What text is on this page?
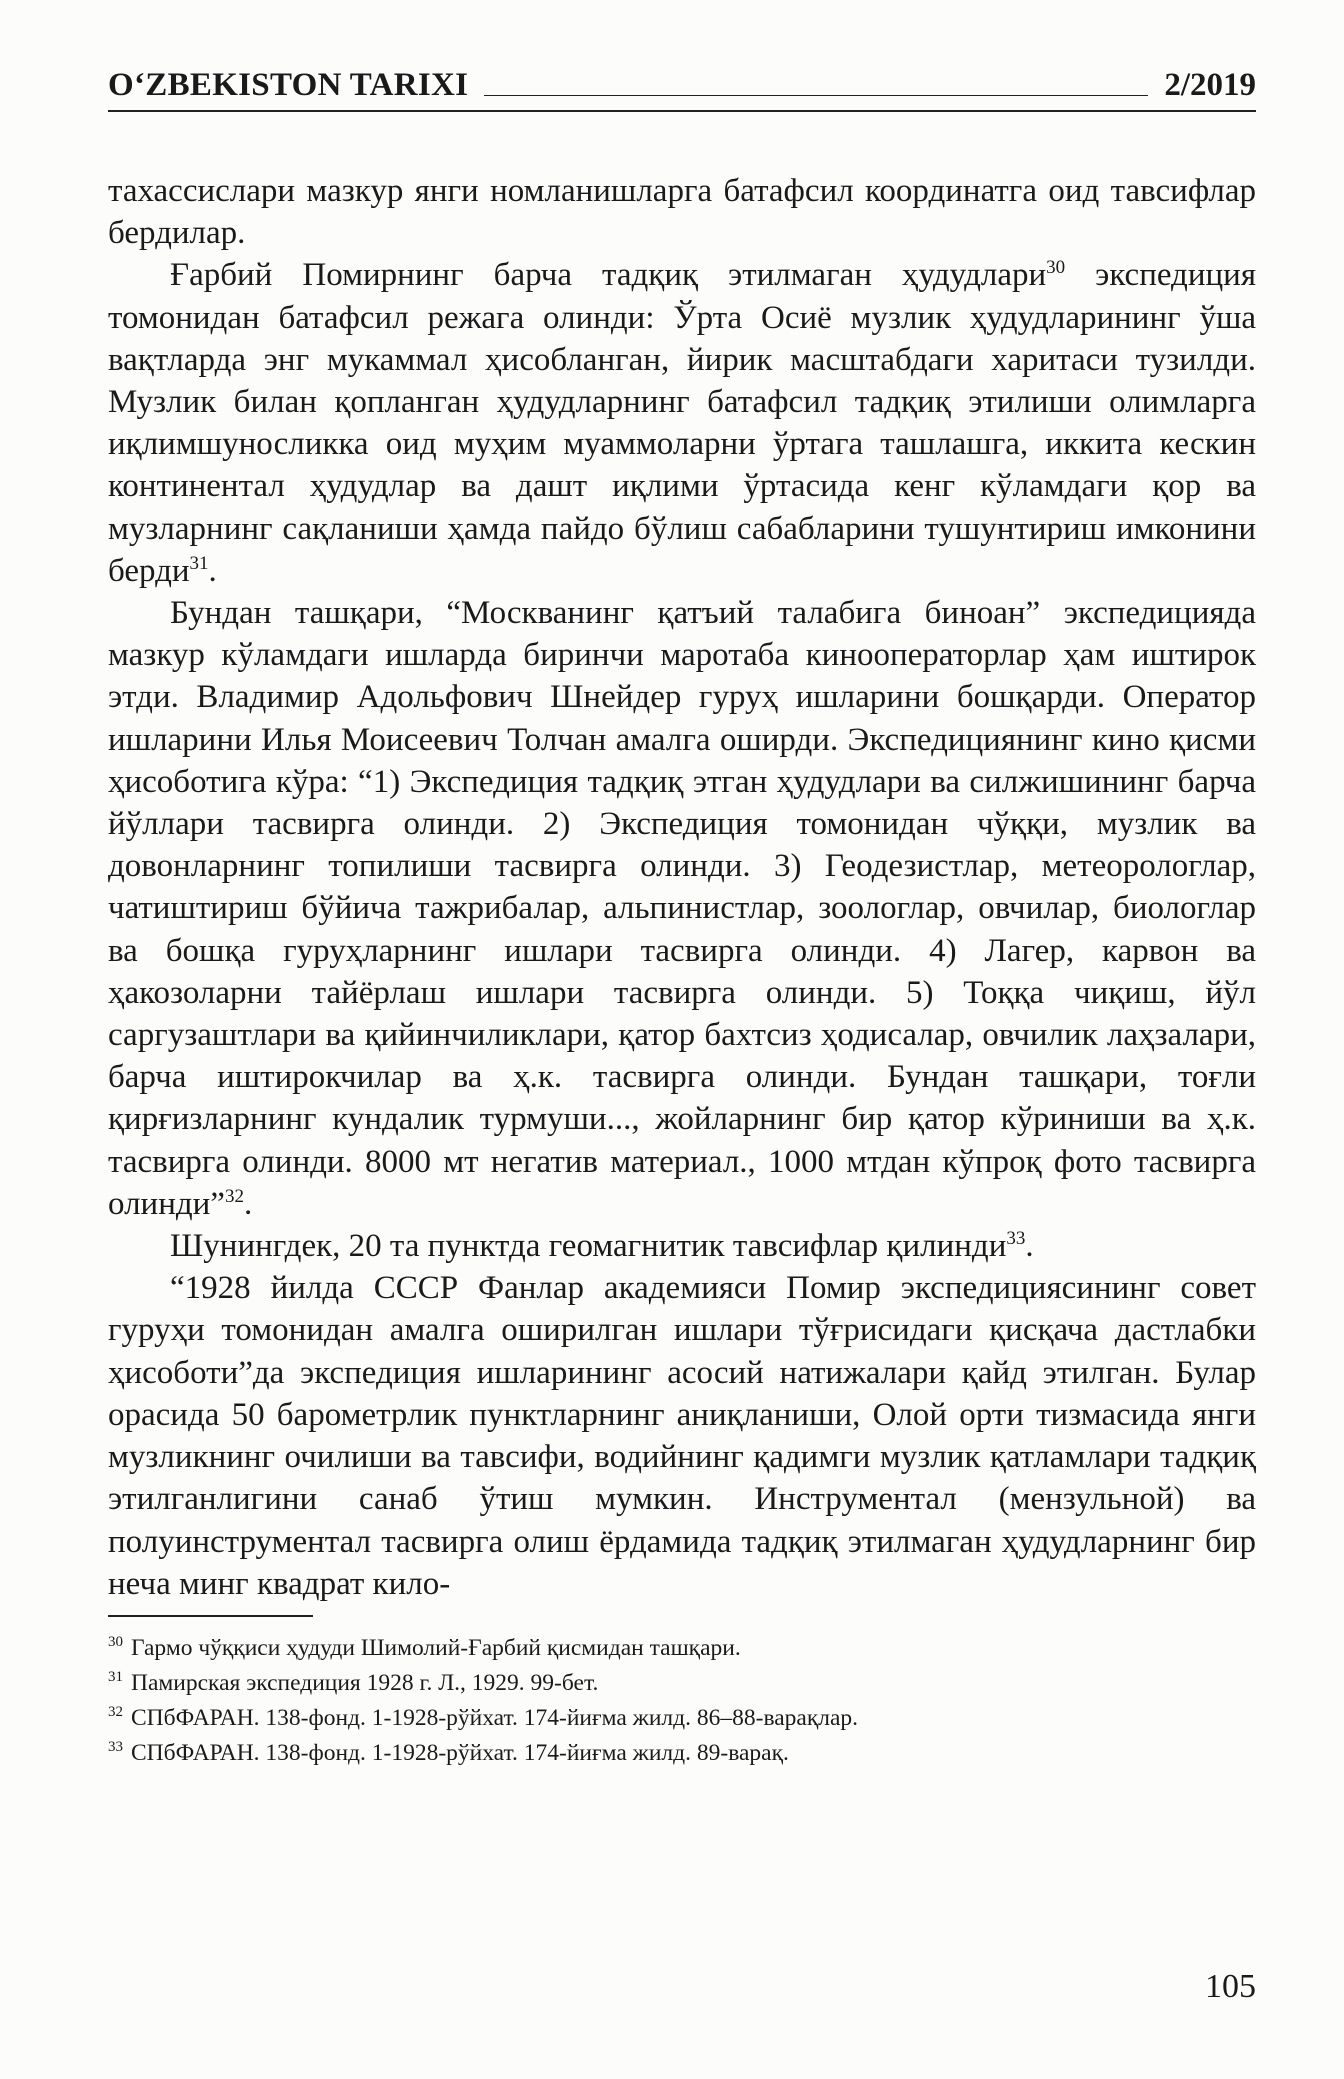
O‘ZBEKISTON TARIXI	2/2019

тахассислари мазкур янги номланишларга батафсил координатга оид тавсифлар бердилар.

Ғарбий Помирнинг барча тадқиқ этилмаган ҳудудлари$^{30}$ экспедиция томонидан батафсил режага олинди: Ўрта Осиё музлик ҳудудларининг ўша вақтларда энг мукаммал ҳисобланган, йирик масштабдаги харитаси тузилди. Музлик билан қопланган ҳудудларнинг батафсил тадқиқ этилиши олимларга иқлимшуносликка оид муҳим муаммоларни ўртага ташлашга, иккита кескин континентал ҳудудлар ва дашт иқлими ўртасида кенг кўламдаги қор ва музларнинг сақланиши ҳамда пайдо бўлиш сабабларини тушунтириш имконини берди$^{31}$.

Бундан ташқари, “Москванинг қатъий талабига биноан” экспедицияда мазкур кўламдаги ишларда биринчи маротаба кинооператорлар ҳам иштирок этди. Владимир Адольфович Шнейдер гуруҳ ишларини бошқарди. Оператор ишларини Илья Моисеевич Толчан амалга оширди. Экспедициянинг кино қисми ҳисоботига кўра: “1) Экспедиция тадқиқ этган ҳудудлари ва силжишининг барча йўллари тасвирга олинди. 2) Экспедиция томонидан чўққи, музлик ва довонларнинг топилиши тасвирга олинди. 3) Геодезистлар, метеорологлар, чатиштириш бўйича тажрибалар, альпинистлар, зоологлар, овчилар, биологлар ва бошқа гуруҳларнинг ишлари тасвирга олинди. 4) Лагер, карвон ва ҳакозоларни тайёрлаш ишлари тасвирга олинди. 5) Тоққа чиқиш, йўл саргузаштлари ва қийинчиликлари, қатор бахтсиз ҳодисалар, овчилик лаҳзалари, барча иштирокчилар ва ҳ.к. тасвирга олинди. Бундан ташқари, тоғли қирғизларнинг кундалик турмуши..., жойларнинг бир қатор кўриниши ва ҳ.к. тасвирга олинди. 8000 мт негатив материал., 1000 мтдан кўпроқ фото тасвирга олинди”$^{32}$.

Шунингдек, 20 та пунктда геомагнитик тавсифлар қилинди$^{33}$.

“1928 йилда СССР Фанлар академияси Помир экспедициясининг совет гуруҳи томонидан амалга оширилган ишлари тўғрисидаги қисқача дастлабки ҳисоботи”да экспедиция ишларининг асосий натижалари қайд этилган. Булар орасида 50 барометрлик пунктларнинг аниқланиши, Олой орти тизмасида янги музликнинг очилиши ва тавсифи, водийнинг қадимги музлик қатламлари тадқиқ этилганлигини санаб ўтиш мумкин. Инструментал (мензульной) ва полуинструментал тасвирга олиш ёрдамида тадқиқ этилмаган ҳудудларнинг бир неча минг квадрат кило-

$^{30}$ Гармо чўққиси ҳудуди Шимолий-Ғарбий қисмидан ташқари.

$^{31}$ Памирская экспедиция 1928 г. Л., 1929. 99-бет.

$^{32}$ СПбФАРАН. 138-фонд. 1-1928-рўйхат. 174-йиғма жилд. 86–88-варақлар.

$^{33}$ СПбФАРАН. 138-фонд. 1-1928-рўйхат. 174-йиғма жилд. 89-варақ.

105
